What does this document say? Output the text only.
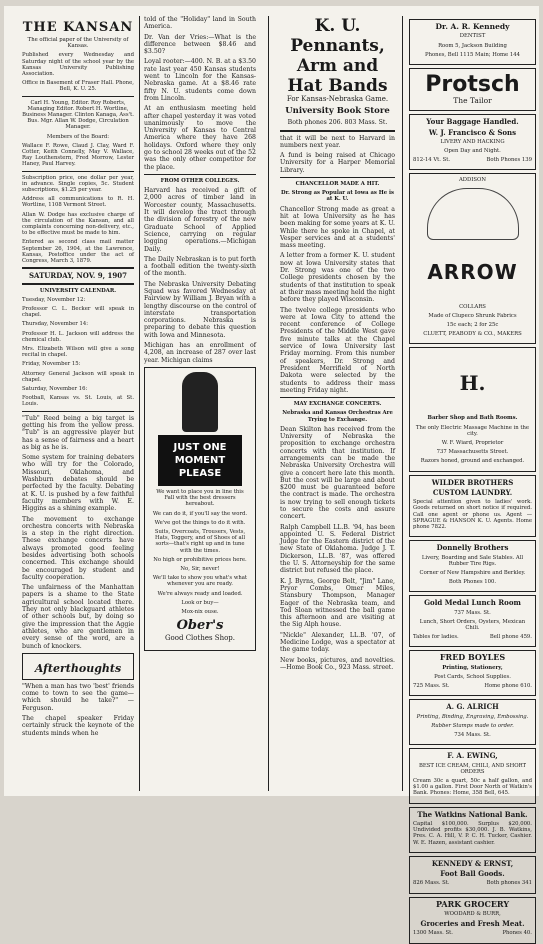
THE KANSAN

The official paper of the University of Kansas.

Published every Wednesday and Saturday night of the school year by the Kansas University Publishing Association.

Office in Basement of Fraser Hall. Phone, Bell, K. U. 25.

Carl H. Young, Editor. Roy Roberts, Managing Editor. Robert H. Wortline, Business Manager. Clinton Kanaga, Ass't. Bus. Mgr. Allan W. Dodge, Circulation Manager.

Members of the Board:

Wallace F. Rowe, Claud J. Clay, Ward F. Cotter, Keith Connelly, May V. Wallace, Ray Louthenstern, Fred Morrow, Lester Haney, Paul Harvey.

Subscription price, one dollar per year, in advance. Single copies, 5c. Student subscriptions, $1.25 per year.

Address all communications to R. H. Wortline, 1108 Vermont Street.

Allan W. Dodge has exclusive charge of the circulation of the Kansan, and all complaints concerning non-delivery, etc., to be effective must be made to him.

Entered as second class mail matter September 26, 1904, at the Lawrence, Kansas, Postoffice under the act of Congress, March 3, 1879.

SATURDAY, NOV. 9, 1907

UNIVERSITY CALENDAR.

Tuesday, November 12:

Professor C. L. Becker will speak in chapel.

Thursday, November 14:

Professor H. L. Jackson will address the chemical club.

Mrs. Elizabeth Wilson will give a song recital in chapel.

Friday, November 15:

Attorney General Jackson will speak in chapel.

Saturday, November 16:

Football, Kansas vs. St. Louis, at St. Louis.

"Tub" Reed being a big target is getting his from the yellow press. "Tub" is an aggressive player but has a sense of fairness and a heart as big as he is.

Some system for training debaters who will try for the Colorado, Missouri, Oklahoma, and Washburn debates should be perfected by the faculty. Debating at K. U. is pushed by a few faithful faculty members with W. E. Higgins as a shining example.

The movement to exchange orchestra concerts with Nebraska is a step in the right direction. These exchange concerts have always promoted good feeling besides advertising both schools concerned. This exchange should be encouraged by student and faculty cooperation.

The unfairness of the Manhattan papers is a shame to the State agricultural school located there. They not only blackguard athletes of other schools but, by doing so give the impression that the Aggie athletes, who are gentlemen in every sense of the word, are a bunch of knockers.

Afterthoughts

"When a man has two 'best' friends come to town to see the game—which should he take?" —Ferguson.

The chapel speaker Friday certainly struck the keynote of the students minds when he

told of the "Holiday" land in South America.

Dr. Van der Vries:—What is the difference between $8.46 and $3.50?

Loyal rooter:—400. N. B. at a $3.50 rate last year 450 Kansas students went to Lincoln for the Kansas-Nebraska game. At a $8.46 rate fifty N. U. students come down from Lincoln.

At an enthusiasm meeting held after chapel yesterday it was voted unanimously to move the University of Kansas to Central America where they have 268 holidays. Oxford where they only go to school 28 weeks out of the 52 was the only other competitor for the place.

FROM OTHER COLLEGES.

Harvard has received a gift of 2,000 acres of timber land in Worcester county, Massachusetts. It will develop the tract through the division of forestry of the new Graduate School of Applied Science, carrying on regular logging operations.—Michigan Daily.

The Daily Nebraskan is to put forth a football edition the twenty-sixth of the month.

The Nebraska University Debating Squad was favored Wednesday at Fairview by William J. Bryan with a lengthy discourse on the control of interstate transportation corporations. Nebraska is preparing to debate this question with Iowa and Minnesota.

Michigan has an enrollment of 4,208, an increase of 287 over last year. Michigan claims

JUST ONE MOMENT PLEASE

We want to place you in line this Fall with the best dressers hereabout.

We can do it, if you'll say the word.

We've got the things to do it with.

Suits, Overcoats, Trousers, Vests, Hats, Toggery, and of Shoes of all sorts—that's right up and in tune with the times.

No high or prohibitive prices here.

No, Sir, never!

We'll take to show you what's what whenever you are ready.

We're always ready and loaded.

Look or buy—

Mox-nix ouse.

Ober's

Good Clothes Shop.

K. U. Pennants, Arm and Hat Bands

For Kansas-Nebraska Game.

University Book Store

Both phones 206. 803 Mass. St.

that it will be next to Harvard in numbers next year.

A fund is being raised at Chicago University for a Harper Memorial Library.

CHANCELLOR MADE A HIT.

Dr. Strong as Popular at Iowa as He is at K. U.

Chancellor Strong made as great a hit at Iowa University as he has been making for some years at K. U. While there he spoke in Chapel, at Vesper services and at a students' mass meeting.

A letter from a former K. U. student now at Iowa University states that Dr. Strong was one of the two College presidents chosen by the students of that institution to speak at their mass meeting held the night before they played Wisconsin.

The twelve college presidents who were at Iowa City to attend the recent conference of College Presidents of the Middle West gave five minute talks at the Chapel service of Iowa University last Friday morning. From this number of speakers, Dr. Strong and President Merrifield of North Dakota were selected by the students to address their mass meeting Friday night.

MAY EXCHANGE CONCERTS.

Nebraska and Kansas Orchestras Are Trying to Exchange.

Dean Skilton has received from the University of Nebraska the proposition to exchange orchestra concerts with that institution. If arrangements can be made the Nebraska University Orchestra will give a concert here late this month. But the cost will be large and about $200 must be guaranteed before the contract is made. The orchestra is now trying to sell enough tickets to secure the costs and assure concert.

Ralph Campbell LL.B. '94, has been appointed U. S. Federal District Judge for the Eastern district of the new State of Oklahoma. Judge J. T. Dickerson, LL.B. '87, was offered the U. S. Attorneyship for the same district but refused the place.

K. J. Byrns, George Belt, "Jim" Lane, Pryor Combs, Omer Miles, Stansbury Thompson, Manager Eager of the Nebraska team, and Tod Sloan witnessed the ball game this afternoon and are visiting at the Sig Alph house.

"Nickle" Alexander, LL.B. '07, of Medicine Lodge, was a spectator at the game today.

New books, pictures, and novelties.—Home Book Co., 923 Mass. street.

Dr. A. R. Kennedy

DENTIST

Room 5, Jackson Building

Phones, Bell 1115 Main; Home 144

Protsch

The Tailor

Your Baggage Handled.

W. J. Francisco & Sons

LIVERY AND HACKING

Open Day and Night.

812-14 Vt. St.	Both Phones 139

ADDISON

ARROW

COLLARS

Made of Clupeco Shrunk Fabrics

15c each; 2 for 25c

CLUETT, PEABODY & CO., MAKERS

H.

Barber Shop and Bath Rooms.

The only Electric Massage Machine in the city.

W. F. Wiard, Proprietor

737 Massachusetts Street.

Razors honed, ground and exchanged.

WILDER BROTHERS

CUSTOM LAUNDRY.

Special attention given to ladies' work. Goods returned on short notice if required. Call one agent or phone us. Agent — SPRAGUE & HANSON K. U. Agents. Home phone 7822.

Donnelly Brothers

Livery, Boarding and Sale Stables. All Rubber Tire Rigs.

Corner of New Hampshire and Berkley.

Both Phones 100.

Gold Medal Lunch Room

737 Mass. St.

Lunch, Short Orders, Oysters, Mexican Chili.

Tables for ladies.	Bell phone 459.

FRED BOYLES

Printing, Stationery,

Post Cards, School Supplies.

725 Mass. St.	Home phone 610.

A. G. ALRICH

Printing, Binding, Engraving, Embossing.

Rubber Stamps made to order.

734 Mass. St.

F. A. EWING,

BEST ICE CREAM, CHILI, AND SHORT ORDERS

Cream 30c a quart, 50c a half gallon, and $1.00 a gallon. First Door North of Watkin's Bank. Phones: Home, 358 Bell, 645.

The Watkins National Bank.

Capital $100,000. Surplus $20,000. Undivided profits $30,000. J. B. Watkins, Pres. C. A. Hill, V. P. C. H. Tucker, Cashier. W. E. Hazen, assistant cashier.

KENNEDY & ERNST,

Foot Ball Goods.

826 Mass. St.	Both phones 341

PARK GROCERY

WOODARD & BURR,

Groceries and Fresh Meat.

1300 Mass. St.	Phones 40.
